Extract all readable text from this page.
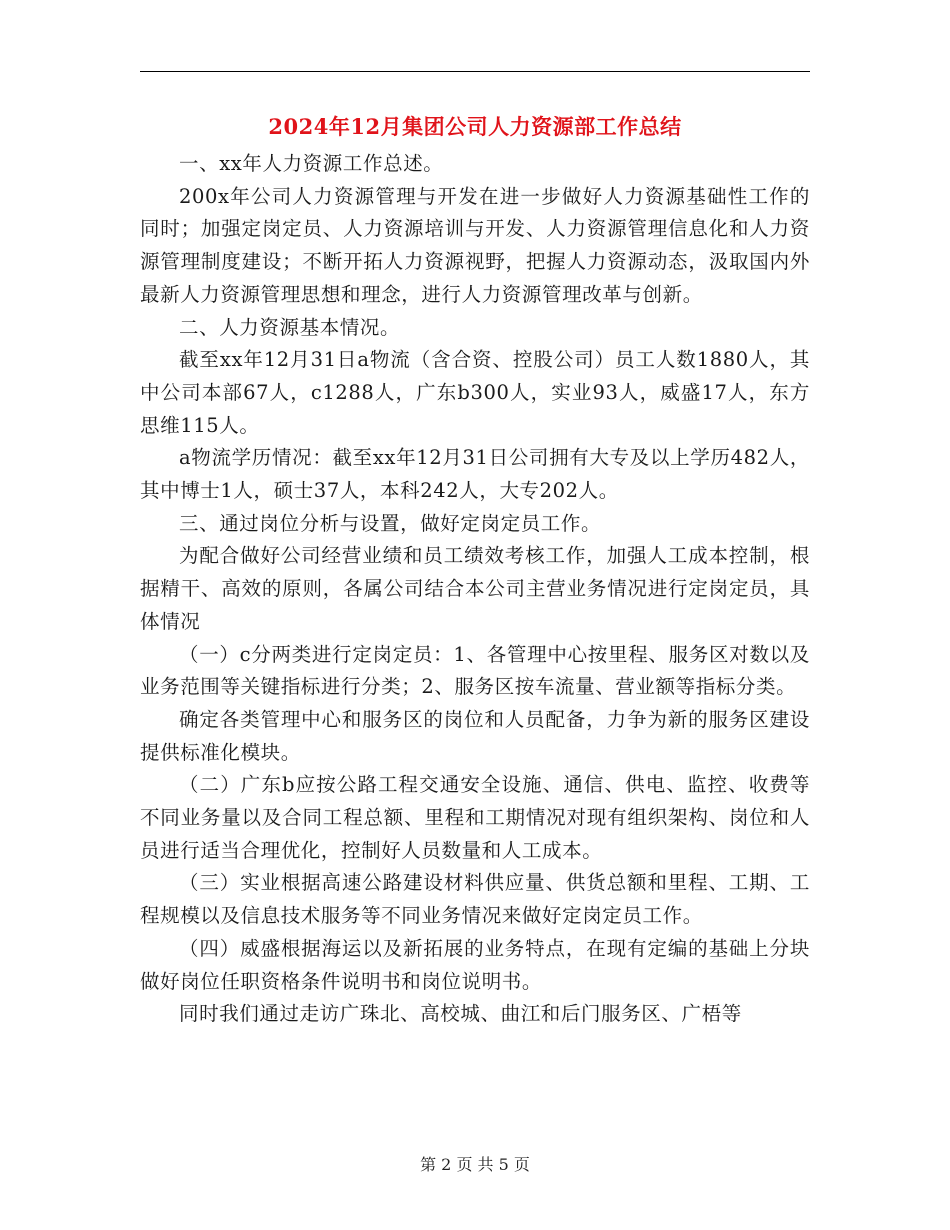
2024年12月集团公司人力资源部工作总结

一、xx年人力资源工作总述。

200x年公司人力资源管理与开发在进一步做好人力资源基础性工作的同时；加强定岗定员、人力资源培训与开发、人力资源管理信息化和人力资源管理制度建设；不断开拓人力资源视野，把握人力资源动态，汲取国内外最新人力资源管理思想和理念，进行人力资源管理改革与创新。

二、人力资源基本情况。

截至xx年12月31日a物流（含合资、控股公司）员工人数1880人，其中公司本部67人，c1288人，广东b300人，实业93人，威盛17人，东方思维115人。

a物流学历情况：截至xx年12月31日公司拥有大专及以上学历482人，其中博士1人，硕士37人，本科242人，大专202人。

三、通过岗位分析与设置，做好定岗定员工作。

为配合做好公司经营业绩和员工绩效考核工作，加强人工成本控制，根据精干、高效的原则，各属公司结合本公司主营业务情况进行定岗定员，具体情况

（一）c分两类进行定岗定员：1、各管理中心按里程、服务区对数以及业务范围等关键指标进行分类；2、服务区按车流量、营业额等指标分类。

确定各类管理中心和服务区的岗位和人员配备，力争为新的服务区建设提供标准化模块。

（二）广东b应按公路工程交通安全设施、通信、供电、监控、收费等不同业务量以及合同工程总额、里程和工期情况对现有组织架构、岗位和人员进行适当合理优化，控制好人员数量和人工成本。

（三）实业根据高速公路建设材料供应量、供货总额和里程、工期、工程规模以及信息技术服务等不同业务情况来做好定岗定员工作。

（四）威盛根据海运以及新拓展的业务特点，在现有定编的基础上分块做好岗位任职资格条件说明书和岗位说明书。

同时我们通过走访广珠北、高校城、曲江和后门服务区、广梧等

第 2 页 共 5 页
